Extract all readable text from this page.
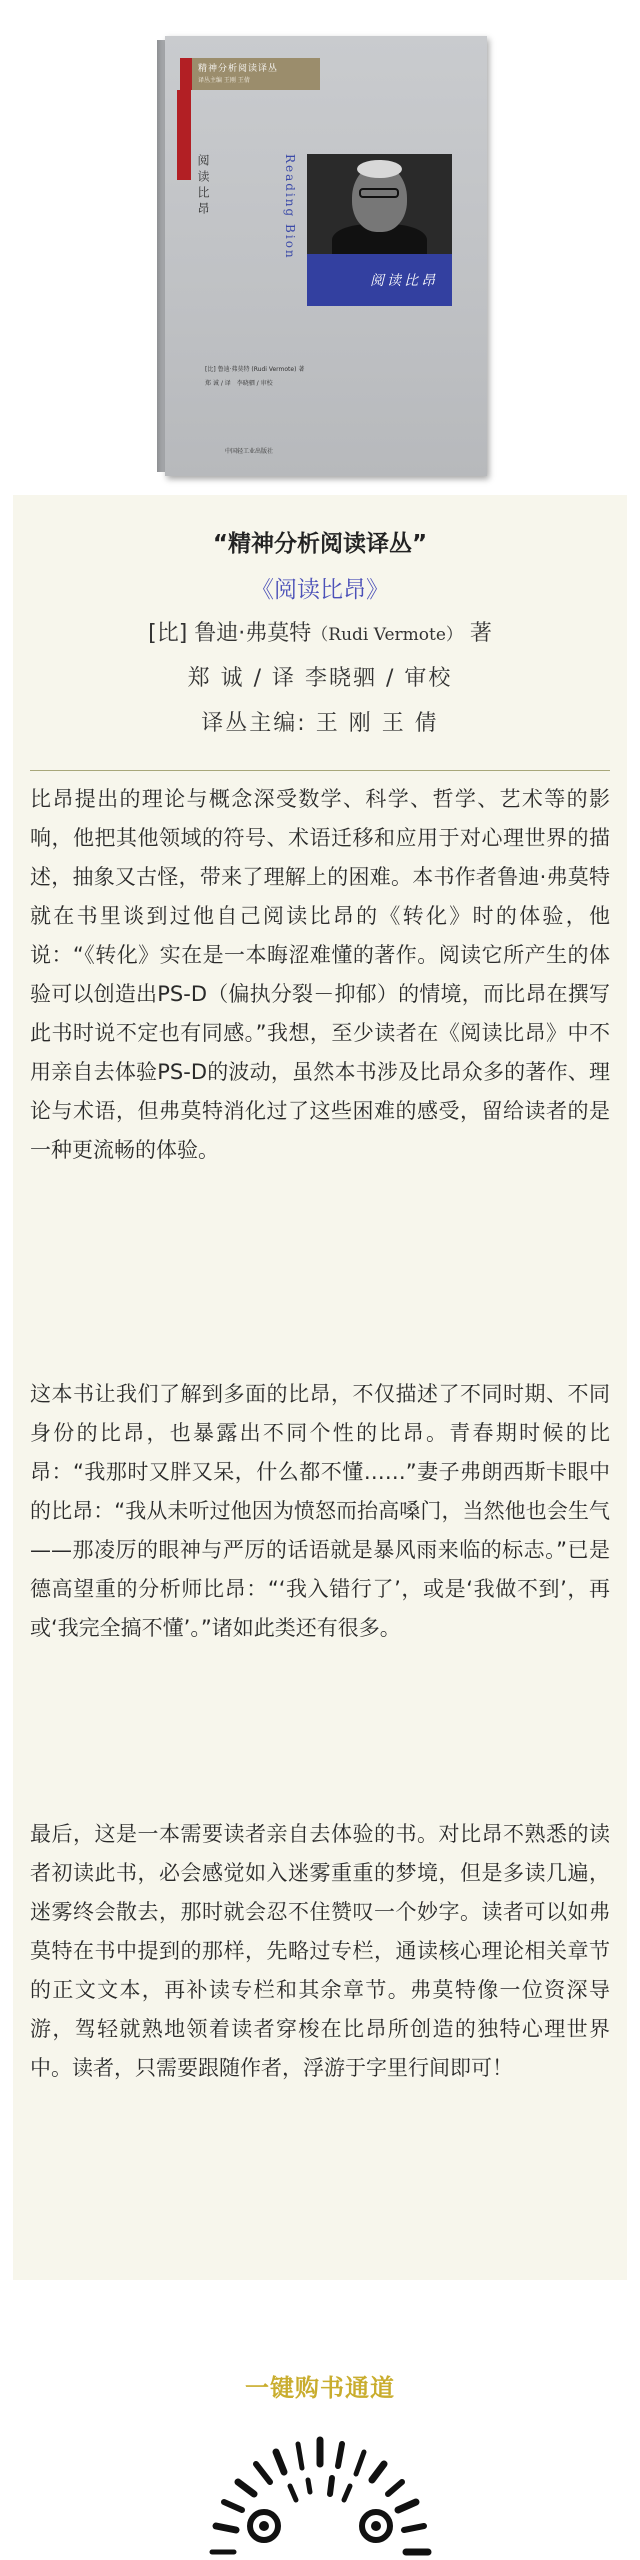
精神分析阅读译丛
译丛主编 王刚 王倩
阅读比昂	Reading Bion
阅读比昂
[比] 鲁迪·弗莫特 (Rudi Vermote) 著
郑 诚 / 译　李晓驷 / 审校
中国轻工业出版社
“精神分析阅读译丛”
《阅读比昂》
[比] 鲁迪·弗莫特（Rudi Vermote） 著
郑 诚 / 译 李晓驷 / 审校
译丛主编: 王 刚 王 倩

比昂提出的理论与概念深受数学、科学、哲学、艺术等的影响，他把其他领域的符号、术语迁移和应用于对心理世界的描述，抽象又古怪，带来了理解上的困难。本书作者鲁迪·弗莫特就在书里谈到过他自己阅读比昂的《转化》时的体验，他说：“《转化》实在是一本晦涩难懂的著作。阅读它所产生的体验可以创造出PS-D（偏执分裂－抑郁）的情境，而比昂在撰写此书时说不定也有同感。”我想，至少读者在《阅读比昂》中不用亲自去体验PS-D的波动，虽然本书涉及比昂众多的著作、理论与术语，但弗莫特消化过了这些困难的感受，留给读者的是一种更流畅的体验。

这本书让我们了解到多面的比昂，不仅描述了不同时期、不同身份的比昂，也暴露出不同个性的比昂。青春期时候的比昂：“我那时又胖又呆，什么都不懂……”妻子弗朗西斯卡眼中的比昂：“我从未听过他因为愤怒而抬高嗓门，当然他也会生气——那凌厉的眼神与严厉的话语就是暴风雨来临的标志。”已是德高望重的分析师比昂：“‘我入错行了’，或是‘我做不到’，再或‘我完全搞不懂’。”诸如此类还有很多。

最后，这是一本需要读者亲自去体验的书。对比昂不熟悉的读者初读此书，必会感觉如入迷雾重重的梦境，但是多读几遍，迷雾终会散去，那时就会忍不住赞叹一个妙字。读者可以如弗莫特在书中提到的那样，先略过专栏，通读核心理论相关章节的正文文本，再补读专栏和其余章节。弗莫特像一位资深导游，驾轻就熟地领着读者穿梭在比昂所创造的独特心理世界中。读者，只需要跟随作者，浮游于字里行间即可！

一键购书通道
